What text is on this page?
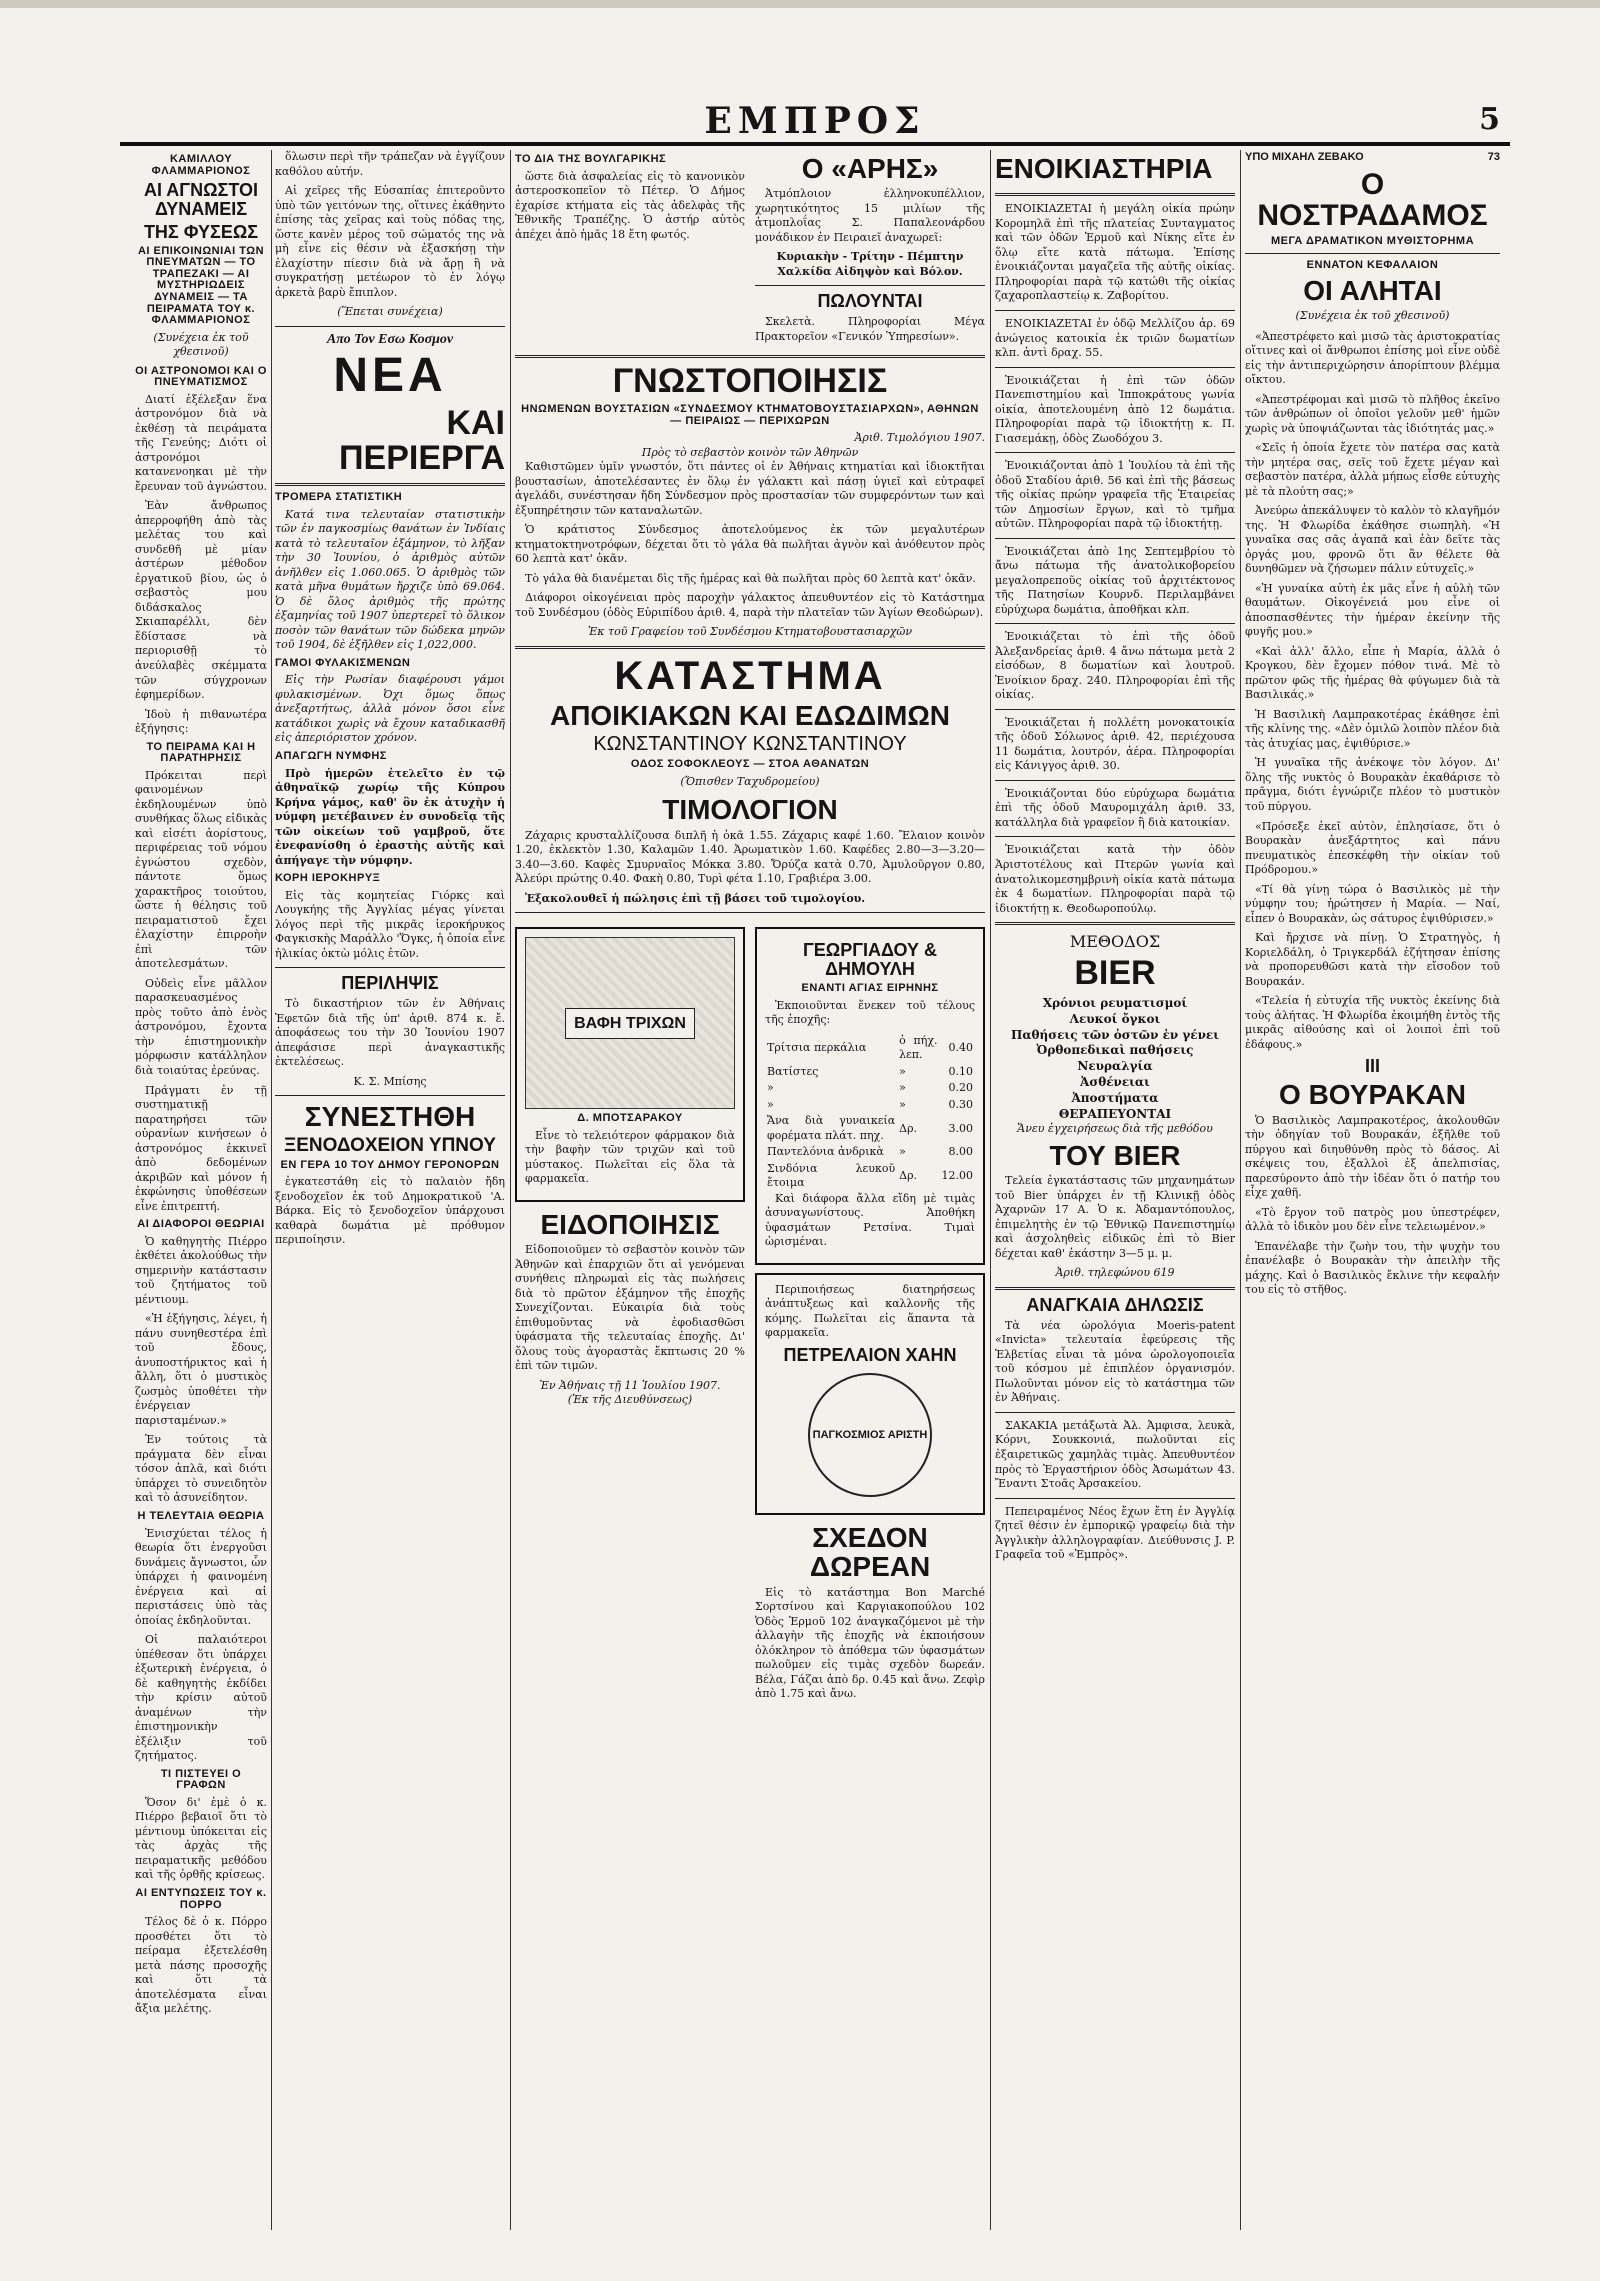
ΕΜΠΡΟΣ	5
ΚΑΜΙΛΛΟΥ ΦΛΑΜΜΑΡΙΟΝΟΣ
ΑΙ ΑΓΝΩΣΤΟΙ ΔΥΝΑΜΕΙΣ
ΤΗΣ ΦΥΣΕΩΣ
ΑΙ ΕΠΙΚΟΙΝΩΝΙΑΙ ΤΩΝ ΠΝΕΥΜΑΤΩΝ — ΤΟ ΤΡΑΠΕΖΑΚΙ — ΑΙ ΜΥΣΤΗΡΙΩΔΕΙΣ ΔΥΝΑΜΕΙΣ — ΤΑ ΠΕΙΡΑΜΑΤΑ ΤΟΥ κ. ΦΛΑΜΜΑΡΙΟΝΟΣ
(Συνέχεια ἐκ τοῦ χθεσινοῦ)
ΟΙ ΑΣΤΡΟΝΟΜΟΙ ΚΑΙ Ο ΠΝΕΥΜΑΤΙΣΜΟΣ

Διατί ἐξέλεξαν ἕνα ἀστρονόμον διὰ νὰ ἐκθέσῃ τὰ πειράματα τῆς Γενεύης; Διότι οἱ ἀστρονόμοι κατανενοηκαι μὲ τὴν ἔρευναν τοῦ ἀγνώστου.

Ἐὰν ἄνθρωπος ἀπερροφήθη ἀπὸ τὰς μελέτας του καὶ συνδεθῆ μὲ μίαν ἀστέρων μέθοδον ἐργατικοῦ βίου, ὡς ὁ σεβαστὸς μου διδάσκαλος Σκιαπαρέλλι, δὲν ἔδίστασε νὰ περιορισθῇ τὸ ἀνεύλαβὲς σκέμματα τῶν σύγχρονων ἐφημερίδων.

Ἰδοὺ ἡ πιθανωτέρα ἐξήγησις:

ΤΟ ΠΕΙΡΑΜΑ ΚΑΙ Η ΠΑΡΑΤΗΡΗΣΙΣ

Πρόκειται περὶ φαινομένων ἐκδηλουμένων ὑπὸ συνθήκας ὅλως εἰδικὰς καὶ εἰσέτι ἀορίστους, περιφέρειας τοῦ νόμου ἐγνώστου σχεδὸν, πάντοτε ὅμως χαρακτῆρος τοιούτου, ὥστε ἡ θέλησις τοῦ πειραματιστοῦ ἔχει ἐλαχίστην ἐπιρροὴν ἐπὶ τῶν ἀποτελεσμάτων.

Οὐδεὶς εἶνε μᾶλλον παρασκευασμένος πρὸς τοῦτο ἀπὸ ἐνὸς ἀστρονόμου, ἔχοντα τὴν ἐπιστημονικὴν μόρφωσιν κατάλληλον διὰ τοιαύτας ἐρεύνας.

Πράγματι ἐν τῇ συστηματικῇ παρατηρήσει τῶν οὐρανίων κινήσεων ὁ ἀστρονόμος ἐκκινεῖ ἀπὸ δεδομένων ἀκριβῶν καὶ μόνον ἡ ἐκφώνησις ὑποθέσεων εἶνε ἐπιτρεπτή.

ΑΙ ΔΙΑΦΟΡΟΙ ΘΕΩΡΙΑΙ

Ὁ καθηγητὴς Πιέρρο ἐκθέτει ἀκολούθως τὴν σημερινὴν κατάστασιν τοῦ ζητήματος τοῦ μέντιουμ.

«Ἡ ἐξήγησις, λέγει, ἡ πάνυ συνηθεστέρα ἐπὶ τοῦ ἔδους, ἀνυποστήρικτος καὶ ἡ ἄλλη, ὅτι ὁ μυστικὸς ζωσμὸς ὑποθέτει τὴν ἐνέργειαν παρισταμένων.»

Ἐν τούτοις τὰ πράγματα δὲν εἶναι τόσον ἁπλᾶ, καὶ διότι ὑπάρχει τὸ συνειδητὸν καὶ τὸ ἀσυνείδητον.

Η ΤΕΛΕΥΤΑΙΑ ΘΕΩΡΙΑ

Ἐνισχύεται τέλος ἡ θεωρία ὅτι ἐνεργοῦσι δυνάμεις ἄγνωστοι, ὧν ὑπάρχει ἡ φαινομένη ἐνέργεια καὶ αἱ περιστάσεις ὑπὸ τὰς ὁποίας ἐκδηλοῦνται.

Οἱ παλαιότεροι ὑπέθεσαν ὅτι ὑπάρχει ἐξωτερικὴ ἐνέργεια, ὁ δὲ καθηγητὴς ἐκδίδει τὴν κρίσιν αὐτοῦ ἀναμένων τὴν ἐπιστημονικὴν ἐξέλιξιν τοῦ ζητήματος.

ΤΙ ΠΙΣΤΕΥΕΙ Ο ΓΡΑΦΩΝ

Ὅσον δι' ἐμὲ ὁ κ. Πιέρρο βεβαιοῖ ὅτι τὸ μέντιουμ ὑπόκειται εἰς τὰς ἀρχὰς τῆς πειραματικῆς μεθόδου καὶ τῆς ὀρθῆς κρίσεως.

ΑΙ ΕΝΤΥΠΩΣΕΙΣ ΤΟΥ κ. ΠΟΡΡΟ

Τέλος δὲ ὁ κ. Πόρρο προσθέτει ὅτι τὸ πείραμα ἐξετελέσθη μετὰ πάσης προσοχῆς καὶ ὅτι τὰ ἀποτελέσματα εἶναι ἄξια μελέτης.

ὅλωσιν περὶ τῆν τράπεζαν νὰ ἐγγίζουν καθόλου αὐτήν.

Αἱ χεῖρες τῆς Εὐσαπίας ἐπιτεροῦντο ὑπὸ τῶν γειτόνων της, οἵτινες ἐκάθηντο ἐπίσης τὰς χεῖρας καὶ τοὺς πόδας της, ὥστε κανὲν μέρος τοῦ σώματός της νὰ μὴ εἶνε εἰς θέσιν νὰ ἐξασκήσῃ τὴν ἐλαχίστην πίεσιν διὰ νὰ ἄρῃ ἢ νὰ συγκρατήσῃ μετέωρον τὸ ἐν λόγῳ ἀρκετὰ βαρὺ ἔπιπλον.

(Ἕπεται συνέχεια)
Απο Τον Εσω Κοσμον
ΝΕΑ
ΚΑΙ ΠΕΡΙΕΡΓΑ
ΤΡΟΜΕΡΑ ΣΤΑΤΙΣΤΙΚΗ

Κατά τινα τελευταίαν στατιστικὴν τῶν ἐν παγκοσμίως θανάτων ἐν Ἰνδίαις κατὰ τὸ τελευταῖον ἑξάμηνον, τὸ λῆξαν τὴν 30 Ἰουνίου, ὁ ἀριθμὸς αὐτῶν ἀνῆλθεν εἰς 1.060.065. Ὁ ἀριθμὸς τῶν κατὰ μῆνα θυμάτων ἤρχιζε ὑπὸ 69.064. Ὁ δὲ ὅλος ἀριθμὸς τῆς πρώτης ἑξαμηνίας τοῦ 1907 ὑπερτερεῖ τὸ ὅλικον ποσὸν τῶν θανάτων τῶν δώδεκα μηνῶν τοῦ 1904, δὲ ἐξῆλθεν εἰς 1,022,000.

ΓΑΜΟΙ ΦΥΛΑΚΙΣΜΕΝΩΝ

Εἰς τὴν Ρωσίαν διαφέρουσι γάμοι φυλακισμένων. Ὀχι ὅμως ὅπως ἀνεξαρτήτως, ἀλλὰ μόνον ὅσοι εἶνε κατάδικοι χωρὶς νὰ ἔχουν καταδικασθῆ εἰς ἀπεριόριστον χρόνον.

ΑΠΑΓΩΓΗ ΝΥΜΦΗΣ

Πρὸ ἡμερῶν ἐτελεῖτο ἐν τῷ ἀθηναϊκῷ χωρίῳ τῆς Κύπρου Κρήνα γάμος, καθ' ὃν ἐκ ἀτυχὴν ἡ νύμφη μετέβαινεν ἐν συνοδεῖᾳ τῆς τῶν οἰκείων τοῦ γαμβροῦ, ὅτε ἐνεφανίσθη ὁ ἐραστὴς αὐτῆς καὶ ἀπήγαγε τὴν νύμφην.

ΚΟΡΗ ΙΕΡΟΚΗΡΥΞ

Εἰς τὰς κομητείας Γιόρκς καὶ Λουγκήης τῆς Ἀγγλίας μέγας γίνεται λόγος περὶ τῆς μικρᾶς ἱεροκήρυκος Φαγκισκὴς Μαράλλο 'Ὅγκς, ἡ ὁποία εἶνε ἡλικίας ὀκτὼ μόλις ἐτῶν.

ΠΕΡΙΛΗΨΙΣ

Τὸ δικαστήριον τῶν ἐν Ἀθήναις Ἐφετῶν διὰ τῆς ὑπ' ἀριθ. 874 κ. ἔ. ἀποφάσεως του τὴν 30 Ἰουνίου 1907 ἀπεφάσισε περὶ ἀναγκαστικῆς ἐκτελέσεως.

Κ. Σ. Μπίσης
ΣΥΝΕΣΤΗΘΗ
ΞΕΝΟΔΟΧΕΙΟΝ ΥΠΝΟΥ
ΕΝ ΓΕΡΑ 10 ΤΟΥ ΔΗΜΟΥ ΓΕΡΟΝΟΡΩΝ

ἐγκατεστάθη εἰς τὸ παλαιὸν ἤδη ξενοδοχεῖον ἐκ τοῦ Δημοκρατικοῦ 'Α. Βάρκα. Εἰς τὸ ξενοδοχεῖον ὑπάρχουσι καθαρὰ δωμάτια μὲ πρόθυμον περιποίησιν.

ΤΟ ΔΙΑ ΤΗΣ ΒΟΥΛΓΑΡΙΚΗΣ

ὥστε διὰ ἀσφαλείας εἰς τὸ κανονικὸν ἀστεροσκοπεῖον τὸ Πέτερ. Ὁ Δήμος ἐχαρίσε κτήματα εἰς τὰς ἀδελφὰς τῆς Ἐθνικῆς Τραπέζης. Ὁ ἀστήρ αὐτὸς ἀπέχει ἀπὸ ἡμᾶς 18 ἔτη φωτός.

Ο «ΑΡΗΣ»

Ἀτμόπλοιον ἐλληνοκυπέλλιον, χωρητικότητος 15 μιλίων τῆς ἀτμοπλοΐας Σ. Παπαλεονάρδου μονάδικον ἐν Πειραιεῖ ἀναχωρεῖ:

Κυριακὴν - Τρίτην - Πέμπτην
Χαλκίδα Αἰδηψὸν καὶ Βόλον.
ΠΩΛΟΥΝΤΑΙ

Σκελετὰ. Πληροφορίαι Μέγα Πρακτορεῖον «Γενικόν Ὑπηρεσίων».

ΓΝΩΣΤΟΠΟΙΗΣΙΣ
ΗΝΩΜΕΝΩΝ ΒΟΥΣΤΑΣΙΩΝ «ΣΥΝΔΕΣΜΟΥ ΚΤΗΜΑΤΟΒΟΥΣΤΑΣΙΑΡΧΩΝ», ΑΘΗΝΩΝ — ΠΕΙΡΑΙΩΣ — ΠΕΡΙΧΩΡΩΝ
Ἀριθ. Τιμολόγιου 1907.
Πρὸς τὸ σεβαστὸν κοινὸν τῶν Ἀθηνῶν

Καθιστῶμεν ὑμῖν γνωστόν, ὅτι πάντες οἱ ἐν Ἀθήναις κτηματίαι καὶ ἰδιοκτῆται βουστασίων, ἀποτελέσαντες ἐν ὅλῳ ἐν γάλακτι καὶ πάσῃ ὑγιεῖ καὶ εὐτραφεῖ ἀγελάδι, συνέστησαν ἤδη Σύνδεσμον πρὸς προστασίαν τῶν συμφερόντων των καὶ ἐξυπηρέτησιν τῶν καταναλωτῶν.

Ὁ κράτιστος Σύνδεσμος ἀποτελούμενος ἐκ τῶν μεγαλυτέρων κτηματοκτηνοτρόφων, δέχεται ὅτι τὸ γάλα θὰ πωλῆται ἀγνὸν καὶ ἀνόθευτον πρὸς 60 λεπτὰ κατ' ὀκᾶν.

Τὸ γάλα θὰ διανέμεται δὶς τῆς ἡμέρας καὶ θὰ πωλῆται πρὸς 60 λεπτὰ κατ' ὀκᾶν.

Διάφοροι οἰκογένειαι πρὸς παροχὴν γάλακτος ἀπευθυντέον εἰς τὸ Κατάστημα τοῦ Συνδέσμου (ὁδὸς Εὐριπίδου ἀριθ. 4, παρὰ τὴν πλατεῖαν τῶν Ἁγίων Θεοδώρων).

Ἐκ τοῦ Γραφείου τοῦ Συνδέσμου Κτηματοβουστασιαρχῶν
ΚΑΤΑΣΤΗΜΑ
ΑΠΟΙΚΙΑΚΩΝ ΚΑΙ ΕΔΩΔΙΜΩΝ
ΚΩΝΣΤΑΝΤΙΝΟΥ ΚΩΝΣΤΑΝΤΙΝΟΥ
ΟΔΟΣ ΣΟΦΟΚΛΕΟΥΣ — ΣΤΟΑ ΑΘΑΝΑΤΩΝ
(Ὄπισθεν Ταχυδρομείου)
ΤΙΜΟΛΟΓΙΟΝ

Ζάχαρις κρυσταλλίζουσα διπλῆ ἡ ὀκᾶ 1.55. Ζάχαρις καφέ 1.60. Ἔλαιον κοινὸν 1.20, ἐκλεκτὸν 1.30, Καλαμῶν 1.40. Ἀρωματικὸν 1.60. Καφέδες 2.80—3—3.20—3.40—3.60. Καφὲς Σμυρναῖος Μόκκα 3.80. Ὄρύζα κατὰ 0.70, Ἀμυλοῦργον 0.80, Ἀλεύρι πρώτης 0.40. Φακὴ 0.80, Τυρὶ φέτα 1.10, Γραβιέρα 3.00.

Ἐξακολουθεῖ ἡ πώλησις ἐπὶ τῇ βάσει τοῦ τιμολογίου.

ΒΑΦΗ ΤΡΙΧΩΝ
Δ. ΜΠΟΤΣΑΡΑΚΟΥ

Εἶνε τὸ τελειότερον φάρμακον διὰ τὴν βαφὴν τῶν τριχῶν καὶ τοῦ μύστακος. Πωλεῖται εἰς ὅλα τὰ φαρμακεῖα.

ΕΙΔΟΠΟΙΗΣΙΣ

Εἰδοποιοῦμεν τὸ σεβαστὸν κοινὸν τῶν Ἀθηνῶν καὶ ἐπαρχιῶν ὅτι αἱ γενόμεναι συνήθεις πληρωμαὶ εἰς τὰς πωλήσεις διὰ τὸ πρῶτον ἐξάμηνον τῆς ἐποχῆς Συνεχίζονται. Εὐκαιρία διὰ τοὺς ἐπιθυμοῦντας νὰ ἐφοδιασθῶσι ὑφάσματα τῆς τελευταίας ἐποχῆς. Δι' ὅλους τοὺς ἀγοραστὰς ἔκπτωσις 20 % ἐπὶ τῶν τιμῶν.

Ἐν Ἀθήναις τῇ 11 Ἰουλίου 1907.
(Ἐκ τῆς Διευθύνσεως)
ΓΕΩΡΓΙΑΔΟΥ & ΔΗΜΟΥΛΗ
ΕΝΑΝΤΙ ΑΓΙΑΣ ΕΙΡΗΝΗΣ

Ἐκποιοῦνται ἕνεκεν τοῦ τέλους τῆς ἐποχῆς:

Τρίτσια περκάλια	ὁ πήχ. λεπ.	0.40
Βατίστες	»	0.10
»	»	0.20
»	»	0.30
Ἄνα διὰ γυναικεία φορέματα πλάτ. πηχ.	Δρ.	3.00
Παντελόνια ἀνδρικὰ	»	8.00
Σινδόνια λευκοῦ ἔτοιμα	Δρ.	12.00

Καὶ διάφορα ἄλλα εἴδη μὲ τιμὰς ἀσυναγωνίστους. Ἀποθήκη ὑφασμάτων Ρετσίνα. Τιμαὶ ὡρισμέναι.

Περιποιήσεως διατηρήσεως ἀνάπτυξεως καὶ καλλονῆς τῆς κόμης. Πωλεῖται εἰς ἅπαντα τὰ φαρμακεῖα.

ΠΕΤΡΕΛΑΙΟΝ ΧΑΗΝ
ΠΑΓΚΟΣΜΙΟΣ ΑΡΙΣΤΗ
ΣΧΕΔΟΝ ΔΩΡΕΑΝ

Εἰς τὸ κατάστημα Bon Marché Σορτσίνου καὶ Καργιακοπούλου 102 Ὁδὸς Ἑρμοῦ 102 ἀναγκαζόμενοι μὲ τὴν ἀλλαγὴν τῆς ἐποχῆς νὰ ἐκποιήσουν ὁλόκληρον τὸ ἀπόθεμα τῶν ὑφασμάτων πωλοῦμεν εἰς τιμὰς σχεδὸν δωρεάν. Βέλα, Γάζαι ἀπὸ δρ. 0.45 καὶ ἄνω. Ζεφὶρ ἀπὸ 1.75 καὶ ἄνω.

ΕΝΟΙΚΙΑΣΤΗΡΙΑ

ΕΝΟΙΚΙΑΖΕΤΑΙ ἡ μεγάλη οἰκία πρώην Κορομηλᾶ ἐπὶ τῆς πλατείας Συνταγματος καὶ τῶν ὁδῶν Ἑρμοῦ καὶ Νίκης εἴτε ἐν ὅλῳ εἴτε κατὰ πάτωμα. Ἐπίσης ἐνοικιάζονται μαγαζεῖα τῆς αὐτῆς οἰκίας. Πληροφορίαι παρὰ τῷ κατώθι τῆς οἰκίας ζαχαροπλαστείῳ κ. Ζαβορίτου.

ΕΝΟΙΚΙΑΖΕΤΑΙ ἐν ὁδῷ Μελλίζου ἀρ. 69 ἀνώγειος κατοικία ἐκ τριῶν δωματίων κλπ. ἀντὶ δραχ. 55.

Ἐνοικιάζεται ἡ ἐπὶ τῶν ὁδῶν Πανεπιστημίου καὶ Ἱπποκράτους γωνία οἰκία, ἀποτελουμένη ἀπὸ 12 δωμάτια. Πληροφορίαι παρὰ τῷ ἰδιοκτήτῃ κ. Π. Γιασεμάκῃ, ὁδὸς Ζωοδόχου 3.

Ἐνοικιάζονται ἀπὸ 1 Ἰουλίου τὰ ἐπὶ τῆς ὁδοῦ Σταδίου ἀριθ. 56 καὶ ἐπὶ τῆς βάσεως τῆς οἰκίας πρώην γραφεῖα τῆς Ἑταιρείας τῶν Δημοσίων ἔργων, καὶ τὸ τμῆμα αὐτῶν. Πληροφορίαι παρὰ τῷ ἰδιοκτήτῃ.

Ἐνοικιάζεται ἀπὸ 1ης Σεπτεμβρίου τὸ ἄνω πάτωμα τῆς ἀνατολικοβορείου μεγαλοπρεποῦς οἰκίας τοῦ ἀρχιτέκτονος τῆς Πατησίων Κουρνδ. Περιλαμβάνει εὐρύχωρα δωμάτια, ἀποθῆκαι κλπ.

Ἐνοικιάζεται τὸ ἐπὶ τῆς ὁδοῦ Ἀλεξανδρείας ἀριθ. 4 ἄνω πάτωμα μετὰ 2 εἰσόδων, 8 δωματίων καὶ λουτροῦ. Ἐνοίκιον δραχ. 240. Πληροφορίαι ἐπὶ τῆς οἰκίας.

Ἐνοικιάζεται ἡ πολλέτη μονοκατοικία τῆς ὁδοῦ Σόλωνος ἀριθ. 42, περιέχουσα 11 δωμάτια, λουτρόν, ἀέρα. Πληροφορίαι εἰς Κάνιγγος ἀριθ. 30.

Ἐνοικιάζονται δύο εὐρύχωρα δωμάτια ἐπὶ τῆς ὁδοῦ Μαυρομιχάλη ἀριθ. 33, κατάλληλα διὰ γραφεῖον ἢ διὰ κατοικίαν.

Ἐνοικιάζεται κατὰ τὴν ὁδὸν Ἀριστοτέλους καὶ Πτερῶν γωνία καὶ ἀνατολικομεσημβρινὴ οἰκία κατὰ πάτωμα ἐκ 4 δωματίων. Πληροφορίαι παρὰ τῷ ἰδιοκτήτῃ κ. Θεοδωροπούλῳ.

ΜΕΘΟΔΟΣ
BIER
Χρόνιοι ρευματισμοί
Λευκοί ὄγκοι
Παθήσεις τῶν ὀστῶν ἐν γένει
Ὀρθοπεδικαὶ παθήσεις
Νευραλγία
Ἀσθένειαι
Ἀποστήματα
ΘΕΡΑΠΕΥΟΝΤΑΙ
Ἄνευ ἐγχειρήσεως διὰ τῆς μεθόδου
ΤΟΥ BIER

Τελεία ἐγκατάστασις τῶν μηχανημάτων τοῦ Bier ὑπάρχει ἐν τῇ Κλινικῇ ὁδὸς Ἀχαρνῶν 17 Α. Ὁ κ. Ἀδαμαντόπουλος, ἐπιμελητὴς ἐν τῷ Ἐθνικῷ Πανεπιστημίῳ καὶ ἀσχοληθεὶς εἰδικῶς ἐπὶ τὸ Bier δέχεται καθ' ἑκάστην 3—5 μ. μ.

Ἀριθ. τηλεφώνου 619
ΑΝΑΓΚΑΙΑ ΔΗΛΩΣΙΣ

Τὰ νέα ὡρολόγια Moeris-patent «Invicta» τελευταία ἐφεύρεσις τῆς Ἑλβετίας εἶναι τὰ μόνα ὡρολογοποιεῖα τοῦ κόσμου μὲ ἐπιπλέον ὀργανισμόν. Πωλοῦνται μόνον εἰς τὸ κατάστημα τῶν ἐν Ἀθήναις.

ΣΑΚΑΚΙΑ μετάξωτὰ Ἀλ. Ἀμφισα, λευκὰ, Κόρνι, Σουκκονιά, πωλοῦνται εἰς ἐξαιρετικῶς χαμηλὰς τιμὰς. Ἀπευθυντέον πρὸς τὸ Ἐργαστήριον ὁδὸς Ἀσωμάτων 43. Ἔναντι Στοᾶς Ἀρσακείου.

Πεπειραμένος Νέος ἔχων ἔτη ἐν Ἀγγλίᾳ ζητεῖ θέσιν ἐν ἐμπορικῷ γραφείῳ διὰ τὴν Ἀγγλικὴν ἀλληλογραφίαν. Διεύθυνσις J. P. Γραφεῖα τοῦ «Ἐμπρὸς».

ΥΠΟ ΜΙΧΑΗΛ ΖΕΒΑΚΟ	73
Ο ΝΟΣΤΡΑΔΑΜΟΣ
ΜΕΓΑ ΔΡΑΜΑΤΙΚΟΝ ΜΥΘΙΣΤΟΡΗΜΑ
ΕΝΝΑΤΟΝ ΚΕΦΑΛΑΙΟΝ
ΟΙ ΑΛΗΤΑΙ
(Συνέχεια ἐκ τοῦ χθεσινοῦ)

«Ἀπεστρέφετο καὶ μισῶ τὰς ἀριστοκρατίας οἵτινες καὶ οἱ ἄνθρωποι ἐπίσης μοὶ εἶνε οὐδὲ εἰς τὴν ἀντιπεριχώρησιν ἀπορίπτουν βλέμμα οἴκτου.

«Ἀπεστρέφομαι καὶ μισῶ τὸ πλῆθος ἐκεῖνο τῶν ἀνθρώπων οἱ ὁποῖοι γελοῦν μεθ' ἡμῶν χωρὶς νὰ ὑποψιάζωνται τὰς ἰδιότητάς μας.»

«Σεῖς ἡ ὁποία ἔχετε τὸν πατέρα σας κατὰ τὴν μητέρα σας, σεῖς τοῦ ἔχετε μέγαν καὶ σεβαστὸν πατέρα, ἀλλὰ μήπως εἶσθε εὐτυχὴς μὲ τὰ πλούτη σας;»

Ἀνεύρω ἀπεκάλυψεν τὸ καλὸν τὸ κλαγῆμόν της. Ἡ Φλωρίδα ἐκάθησε σιωπηλὴ. «Ἡ γυναῖκα σας σᾶς ἀγαπᾶ καὶ ἐὰν δεῖτε τὰς ὀργάς μου, φρονῶ ὅτι ἂν θέλετε θὰ δυνηθῶμεν νὰ ζήσωμεν πάλιν εὐτυχεῖς.»

«Ἡ γυναίκα αὐτὴ ἐκ μᾶς εἶνε ἡ αὐλὴ τῶν θαυμάτων. Οἰκογένειά μου εἶνε οἱ ἀποσπασθέντες τὴν ἡμέραν ἐκείνην τῆς φυγῆς μου.»

«Καὶ ἀλλ' ἄλλο, εἶπε ἡ Μαρία, ἀλλὰ ὁ Κρογκου, δὲν ἔχομεν πόθον τινά. Μὲ τὸ πρῶτον φῶς τῆς ἡμέρας θὰ φύγωμεν διὰ τὰ Βασιλικάς.»

Ἡ Βασιλικὴ Λαμπρακοτέρας ἐκάθησε ἐπὶ τῆς κλίνης της. «Δὲν ὁμιλῶ λοιπὸν πλέον διὰ τὰς ἀτυχίας μας, ἐψιθύρισε.»

Ἡ γυναῖκα τῆς ἀνέκοψε τὸν λόγον. Δι' ὅλης τῆς νυκτὸς ὁ Βουρακὰν ἐκαθάρισε τὸ πρᾶγμα, διότι ἐγνώριζε πλέον τὸ μυστικὸν τοῦ πύργου.

«Πρόσεξε ἐκεῖ αὐτὸν, ἐπλησίασε, ὅτι ὁ Βουρακὰν ἀνεξάρτητος καὶ πάνυ πνευματικὸς ἐπεσκέφθη τὴν οἰκίαν τοῦ Πρόδρομου.»

«Τί θὰ γίνῃ τώρα ὁ Βασιλικὸς μὲ τὴν νύμφην του; ἡρώτησεν ἡ Μαρία. — Ναί, εἶπεν ὁ Βουρακὰν, ὡς σάτυρος ἐψιθύρισεν.»

Καὶ ἤρχισε νὰ πίνῃ. Ὁ Στρατηγὸς, ἡ Κοριελδάλη, ὁ Τριγκερδάλ ἐζήτησαν ἐπίσης νὰ προπορευθῶσι κατὰ τὴν εἴσοδον τοῦ Βουρακάν.

«Τελεία ἡ εὐτυχία τῆς νυκτὸς ἐκείνης διὰ τοὺς ἀλήτας. Ἡ Φλωρίδα ἐκοιμήθη ἐντὸς τῆς μικρᾶς αἰθούσης καὶ οἱ λοιποὶ ἐπὶ τοῦ ἐδάφους.»

III
Ο ΒΟΥΡΑΚΑΝ

Ὁ Βασιλικὸς Λαμπρακοτέρος, ἀκολουθῶν τὴν ὁδηγίαν τοῦ Βουρακάν, ἐξῆλθε τοῦ πύργου καὶ διηυθύνθη πρὸς τὸ δάσος. Αἱ σκέψεις του, ἐξαλλοὶ ἐξ ἀπελπισίας, παρεσύροντο ἀπὸ τὴν ἰδέαν ὅτι ὁ πατήρ του εἶχε χαθῆ.

«Τὸ ἔργον τοῦ πατρὸς μου ὑπεστρέφεν, ἀλλὰ τὸ ἰδικὸν μου δὲν εἶνε τελειωμένον.»

Ἐπανέλαβε τὴν ζωὴν του, τὴν ψυχὴν του ἐπανέλαβε ὁ Βουρακὰν τὴν ἀπειλὴν τῆς μάχης. Καὶ ὁ Βασιλικὸς ἔκλινε τὴν κεφαλήν του εἰς τὸ στῆθος.
